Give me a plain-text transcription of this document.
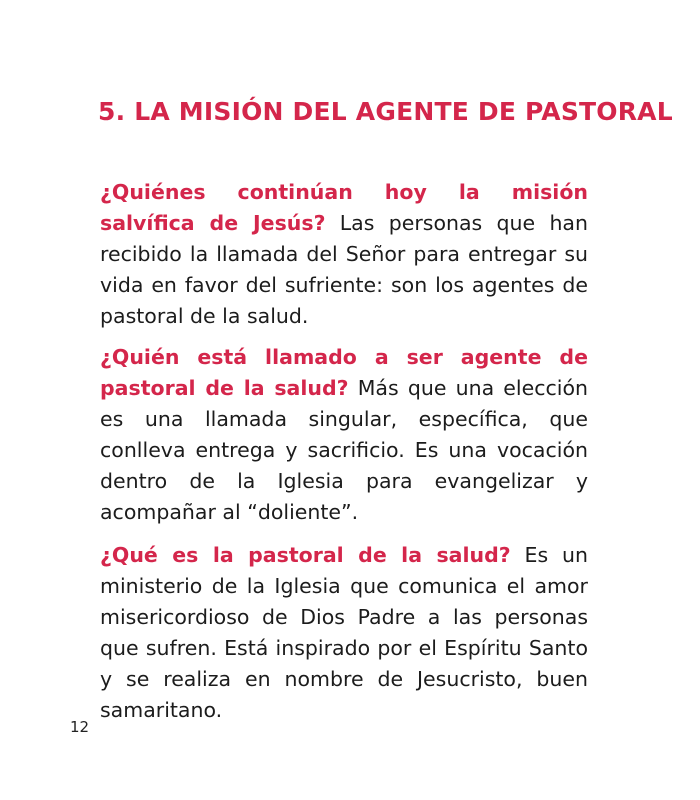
5. LA MISIÓN DEL AGENTE DE PASTORAL

¿Quiénes continúan hoy la misión salvífica de Jesús? Las personas que han recibido la llamada del Señor para entregar su vida en favor del sufriente: son los agentes de pastoral de la salud.

¿Quién está llamado a ser agente de pastoral de la salud? Más que una elección es una llamada singular, específica, que conlleva entrega y sacrificio. Es una vocación dentro de la Iglesia para evangelizar y acompañar al “doliente”.

¿Qué es la pastoral de la salud? Es un ministerio de la Iglesia que comunica el amor misericordioso de Dios Padre a las personas que sufren. Está inspirado por el Espíritu Santo y se realiza en nombre de Jesucristo, buen samaritano.

12
